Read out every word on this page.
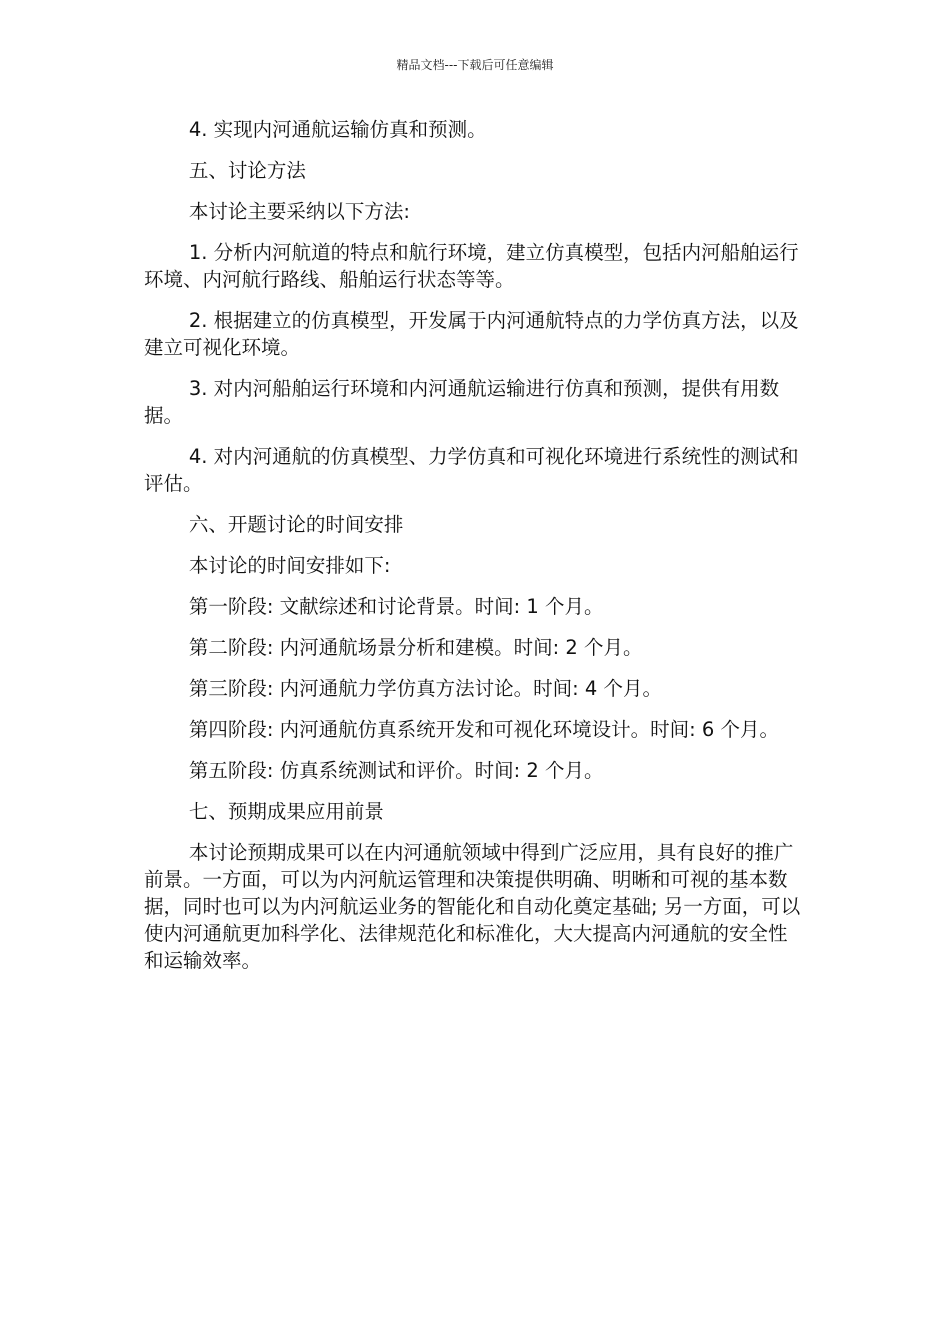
精品文档---下载后可任意编辑

4. 实现内河通航运输仿真和预测。

五、讨论方法

本讨论主要采纳以下方法:

1. 分析内河航道的特点和航行环境，建立仿真模型，包括内河船舶运行环境、内河航行路线、船舶运行状态等等。

2. 根据建立的仿真模型，开发属于内河通航特点的力学仿真方法，以及建立可视化环境。

3. 对内河船舶运行环境和内河通航运输进行仿真和预测，提供有用数据。

4. 对内河通航的仿真模型、力学仿真和可视化环境进行系统性的测试和评估。

六、开题讨论的时间安排

本讨论的时间安排如下:

第一阶段: 文献综述和讨论背景。时间: 1 个月。

第二阶段: 内河通航场景分析和建模。时间: 2 个月。

第三阶段: 内河通航力学仿真方法讨论。时间: 4 个月。

第四阶段: 内河通航仿真系统开发和可视化环境设计。时间: 6 个月。

第五阶段: 仿真系统测试和评价。时间: 2 个月。

七、预期成果应用前景

本讨论预期成果可以在内河通航领域中得到广泛应用，具有良好的推广前景。一方面，可以为内河航运管理和决策提供明确、明晰和可视的基本数据，同时也可以为内河航运业务的智能化和自动化奠定基础; 另一方面，可以使内河通航更加科学化、法律规范化和标准化，大大提高内河通航的安全性和运输效率。
